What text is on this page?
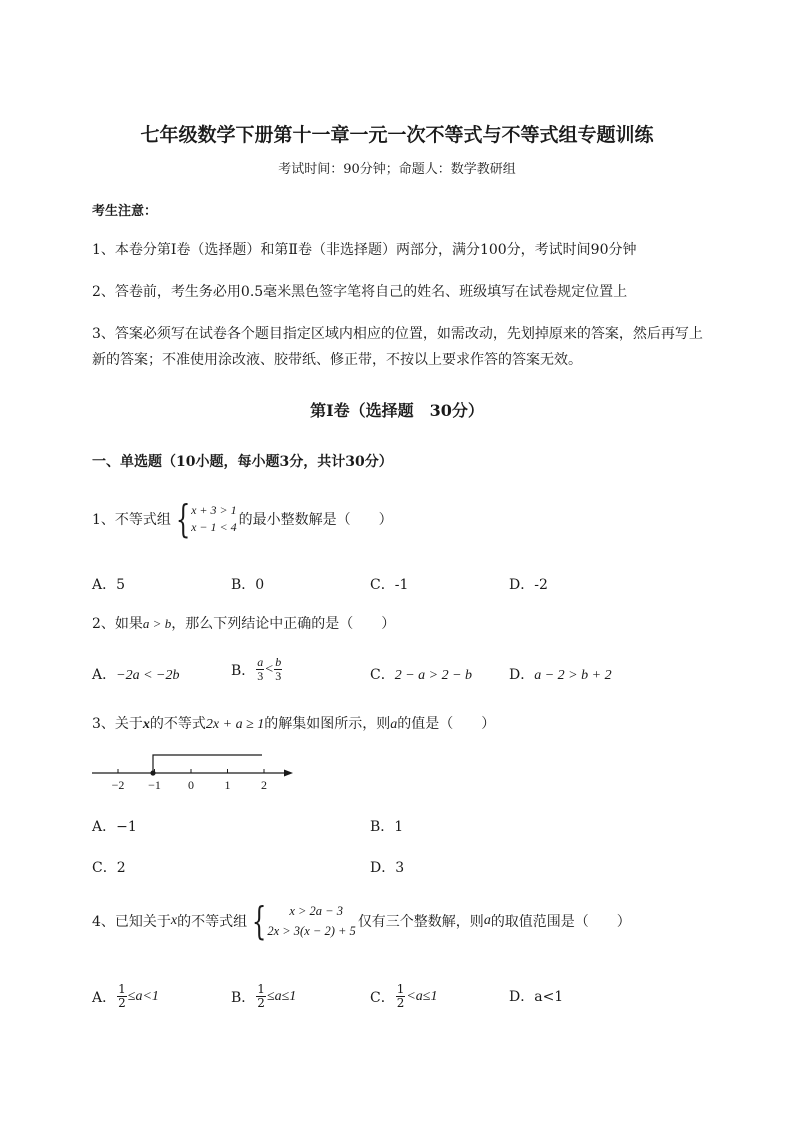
七年级数学下册第十一章一元一次不等式与不等式组专题训练
考试时间：90分钟；命题人：数学教研组
考生注意：
1、本卷分第Ⅰ卷（选择题）和第Ⅱ卷（非选择题）两部分，满分100分，考试时间90分钟
2、答卷前，考生务必用0.5毫米黑色签字笔将自己的姓名、班级填写在试卷规定位置上
3、答案必须写在试卷各个题目指定区域内相应的位置，如需改动，先划掉原来的答案，然后再写上新的答案；不准使用涂改液、胶带纸、修正带，不按以上要求作答的答案无效。
第Ⅰ卷（选择题　30分）
一、单选题（10小题，每小题3分，共计30分）
1、不等式组 { x + 3 > 1
x − 1 < 4 的最小整数解是（　　）
A．5	B．0	C．-1	D．-2
2、如果a > b，那么下列结论中正确的是（　　）
A．−2a < −2b	B． $\frac{a}{3} < \frac{b}{3}$	C．2 − a > 2 − b	D．a − 2 > b + 2
3、关于x的不等式2x + a ≥ 1的解集如图所示，则a的值是（　　）
−2 −1 0	1	2
A．−1	B．1
C．2	D．3
4、已知关于 x 的不等式组 {	x > 2a − 3
2x > 3(x − 2) + 5
仅有三个整数解，则 a 的取值范围是（　　）
A． $\frac{1}{2} \le a<1$	B． $\frac{1}{2} \le a\le 1$	C． $\frac{1}{2} <a\le 1$	D．a<1
